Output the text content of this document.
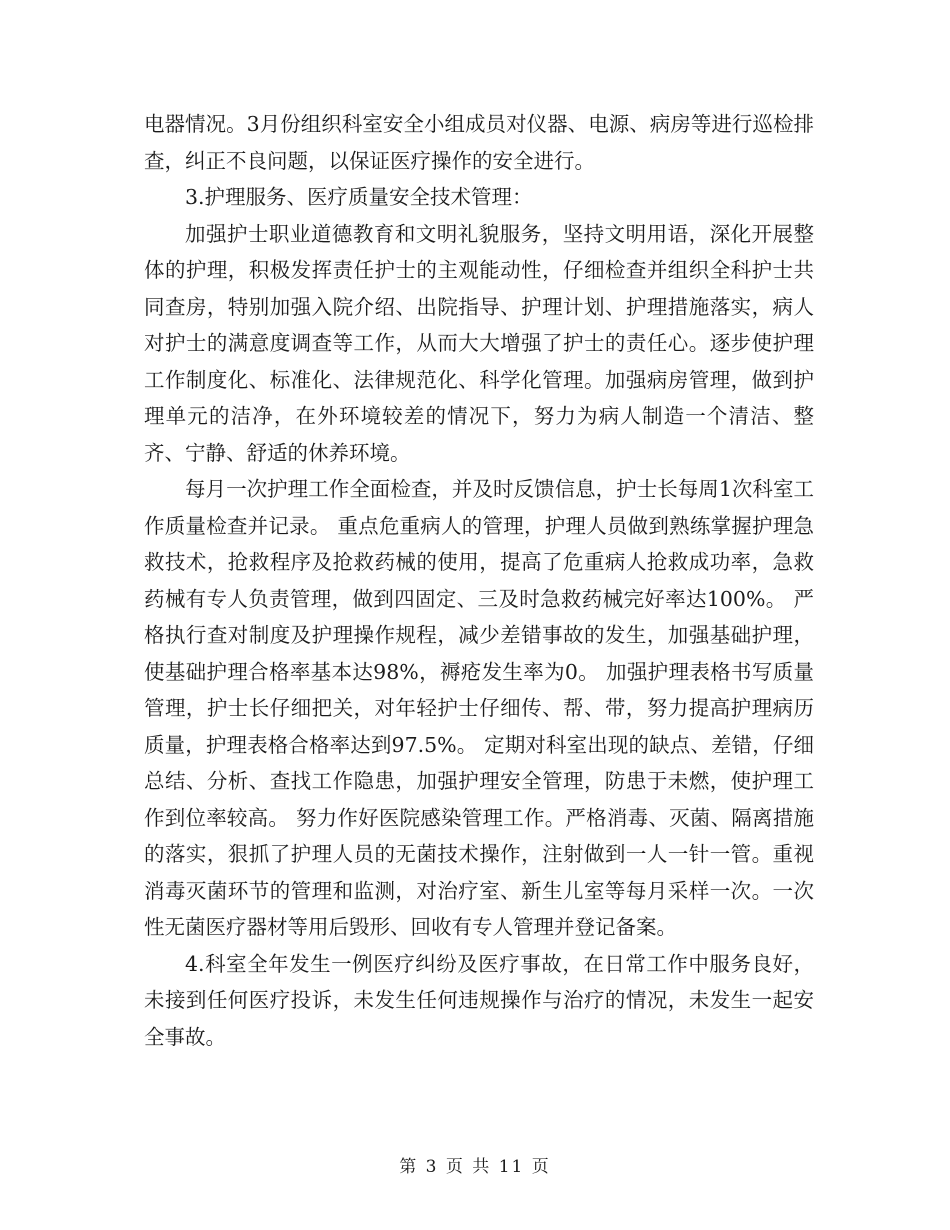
电器情况。3月份组织科室安全小组成员对仪器、电源、病房等进行巡检排查，纠正不良问题，以保证医疗操作的安全进行。

3.护理服务、医疗质量安全技术管理：

加强护士职业道德教育和文明礼貌服务，坚持文明用语，深化开展整体的护理，积极发挥责任护士的主观能动性，仔细检查并组织全科护士共同查房，特别加强入院介绍、出院指导、护理计划、护理措施落实，病人对护士的满意度调查等工作，从而大大增强了护士的责任心。逐步使护理工作制度化、标准化、法律规范化、科学化管理。加强病房管理，做到护理单元的洁净，在外环境较差的情况下，努力为病人制造一个清洁、整齐、宁静、舒适的休养环境。

每月一次护理工作全面检查，并及时反馈信息，护士长每周1次科室工作质量检查并记录。 重点危重病人的管理，护理人员做到熟练掌握护理急救技术，抢救程序及抢救药械的使用，提高了危重病人抢救成功率，急救药械有专人负责管理，做到四固定、三及时急救药械完好率达100%。 严格执行查对制度及护理操作规程，减少差错事故的发生，加强基础护理，使基础护理合格率基本达98%，褥疮发生率为0。 加强护理表格书写质量管理，护士长仔细把关，对年轻护士仔细传、帮、带，努力提高护理病历质量，护理表格合格率达到97.5%。 定期对科室出现的缺点、差错，仔细总结、分析、查找工作隐患，加强护理安全管理，防患于未燃，使护理工作到位率较高。 努力作好医院感染管理工作。严格消毒、灭菌、隔离措施的落实，狠抓了护理人员的无菌技术操作，注射做到一人一针一管。重视消毒灭菌环节的管理和监测，对治疗室、新生儿室等每月采样一次。一次性无菌医疗器材等用后毁形、回收有专人管理并登记备案。

4.科室全年发生一例医疗纠纷及医疗事故，在日常工作中服务良好，未接到任何医疗投诉，未发生任何违规操作与治疗的情况，未发生一起安全事故。

第 3 页 共 11 页
